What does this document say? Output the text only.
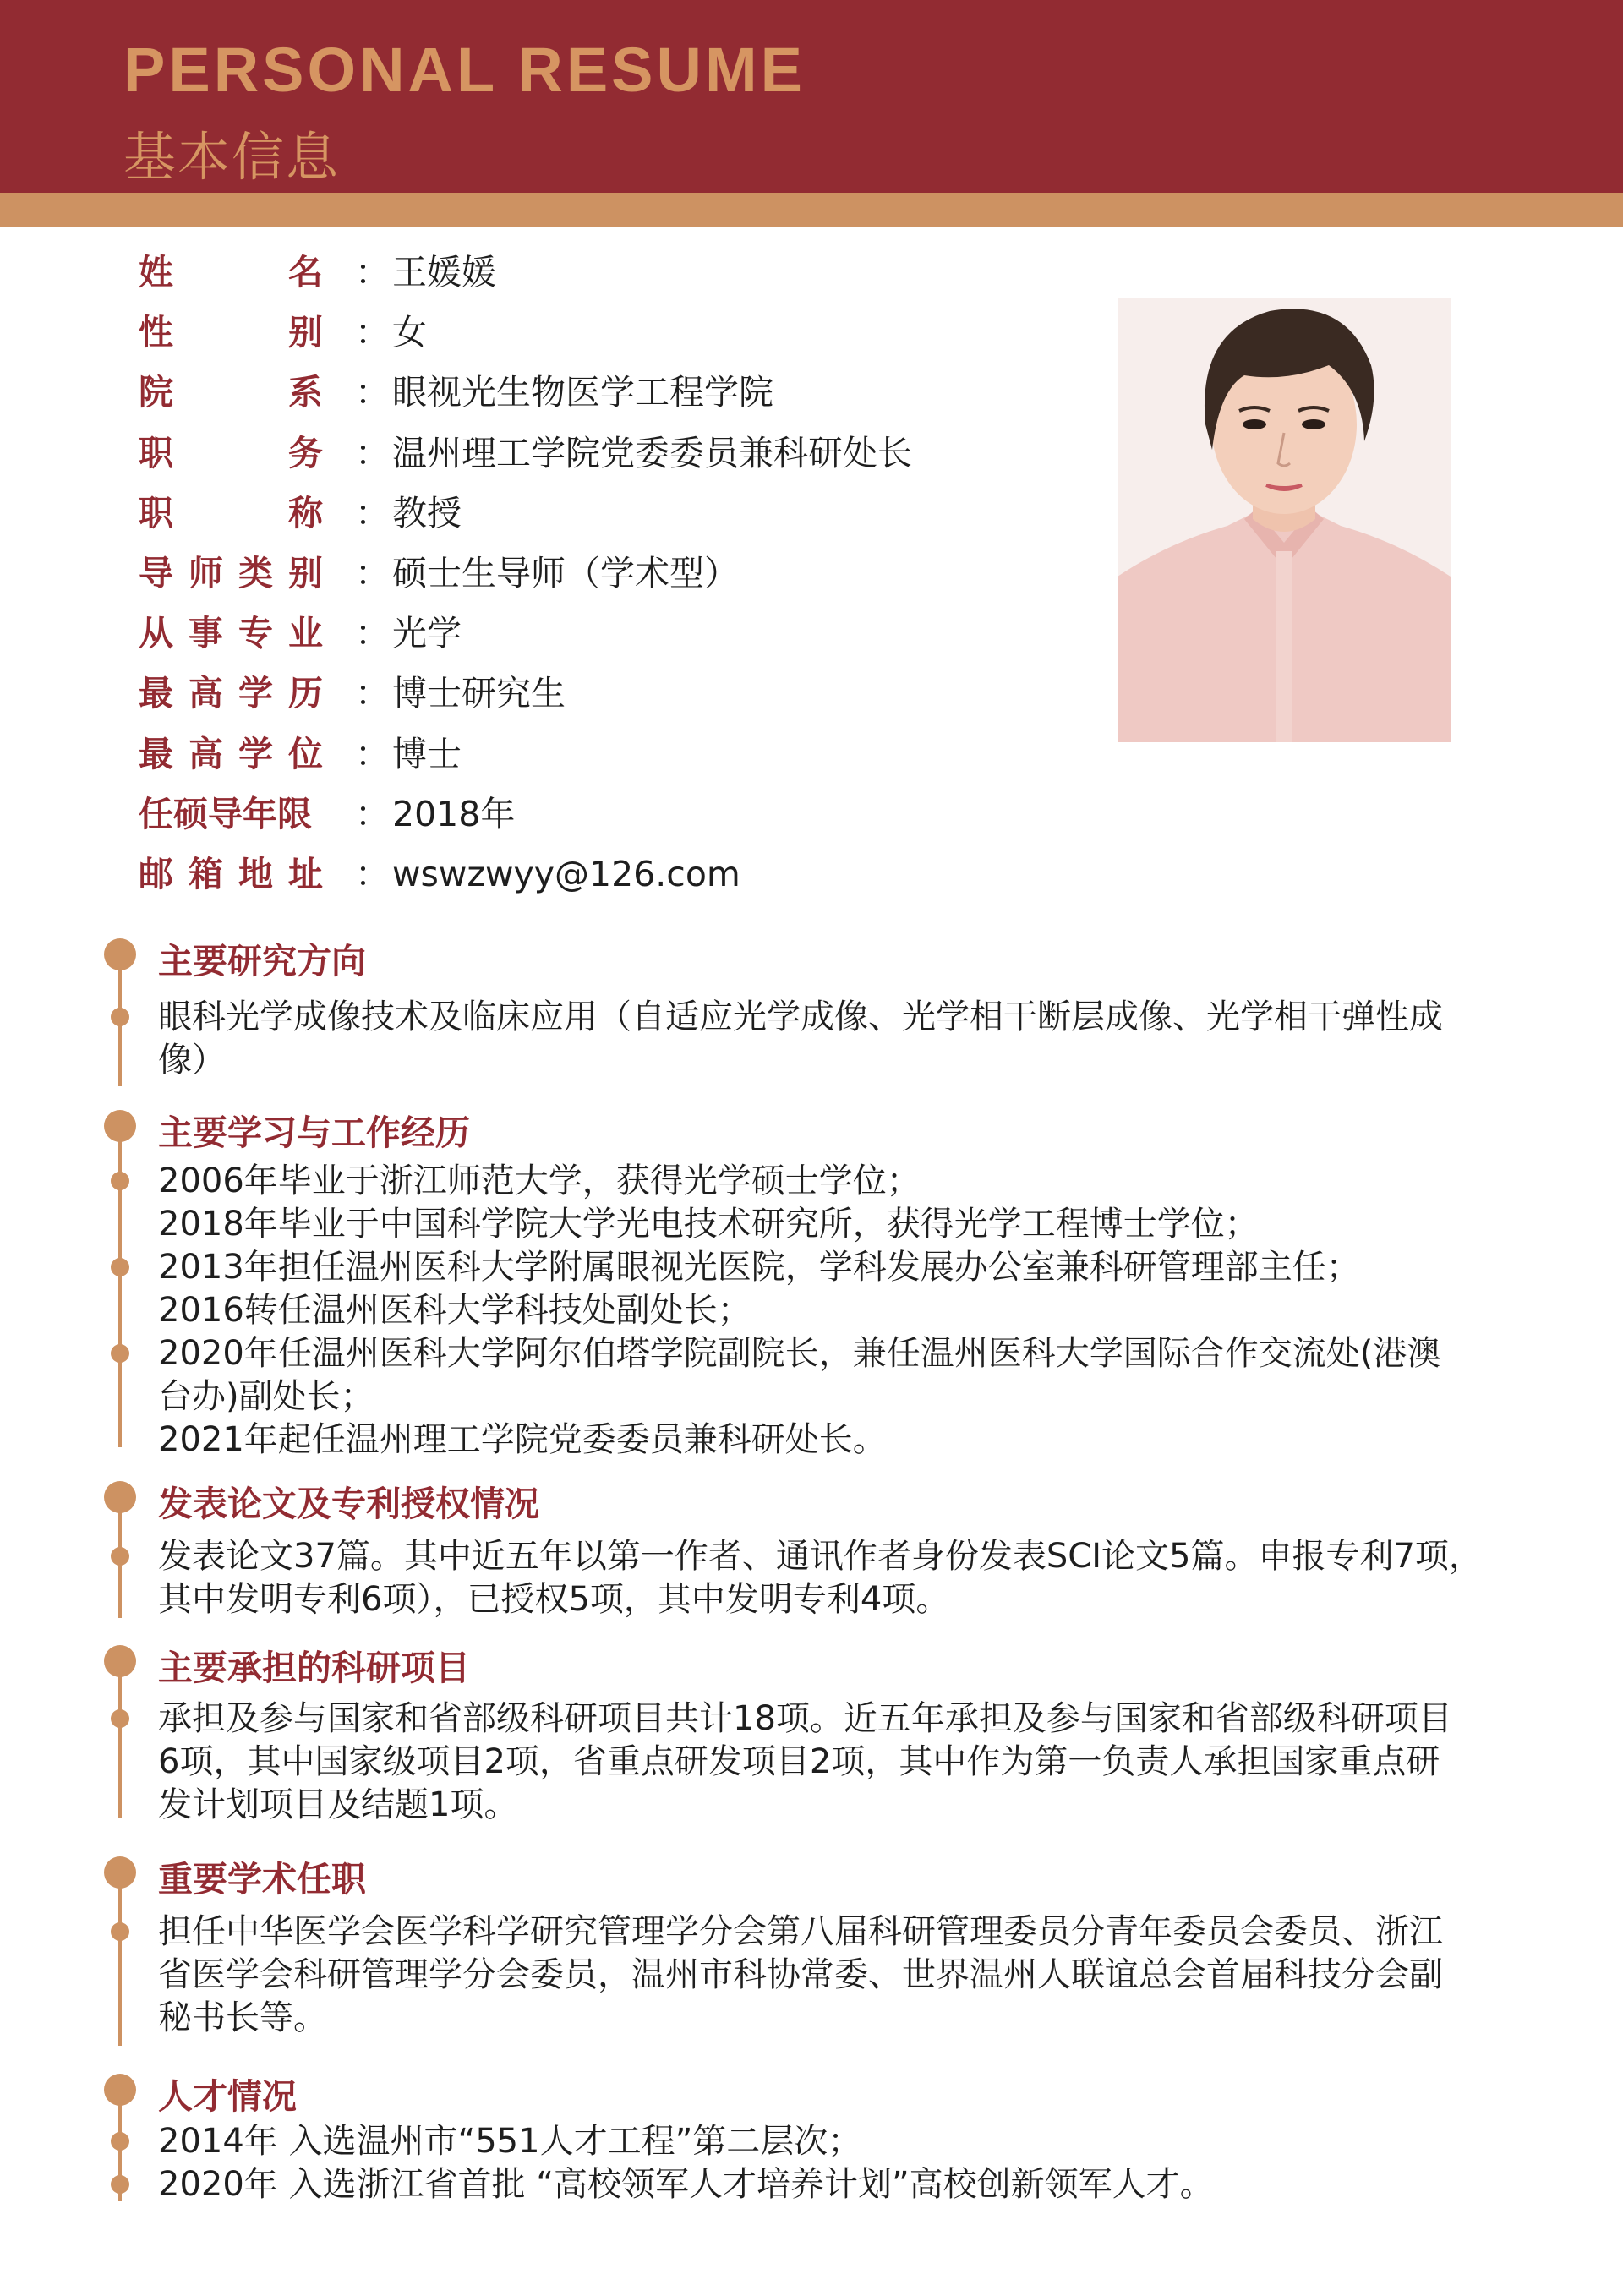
PERSONAL RESUME
基本信息
姓	名 ： 王媛媛
性	别 ： 女
院	系 ： 眼视光生物医学工程学院
职	务 ： 温州理工学院党委委员兼科研处长
职	称 ： 教授
导 师 类 别 ： 硕士生导师（学术型）
从 事 专 业 ： 光学
最 高 学 历 ： 博士研究生
最 高 学 位 ： 博士
任硕导年限 ： 2018年
邮 箱 地 址 ： wswzwyy@126.com
主要研究方向
眼科光学成像技术及临床应用（自适应光学成像、光学相干断层成像、光学相干弹性成
像）
主要学习与工作经历
2006年毕业于浙江师范大学，获得光学硕士学位；
2018年毕业于中国科学院大学光电技术研究所，获得光学工程博士学位；
2013年担任温州医科大学附属眼视光医院，学科发展办公室兼科研管理部主任；
2016转任温州医科大学科技处副处长；
2020年任温州医科大学阿尔伯塔学院副院长，兼任温州医科大学国际合作交流处(港澳
台办)副处长；
2021年起任温州理工学院党委委员兼科研处长。
发表论文及专利授权情况
发表论文37篇。其中近五年以第一作者、通讯作者身份发表SCI论文5篇。申报专利7项，
其中发明专利6项），已授权5项，其中发明专利4项。
主要承担的科研项目
承担及参与国家和省部级科研项目共计18项。近五年承担及参与国家和省部级科研项目
6项，其中国家级项目2项，省重点研发项目2项，其中作为第一负责人承担国家重点研
发计划项目及结题1项。
重要学术任职
担任中华医学会医学科学研究管理学分会第八届科研管理委员分青年委员会委员、浙江
省医学会科研管理学分会委员，温州市科协常委、世界温州人联谊总会首届科技分会副
秘书长等。
人才情况
2014年 入选温州市“551人才工程”第二层次；
2020年 入选浙江省首批 “高校领军人才培养计划”高校创新领军人才。
